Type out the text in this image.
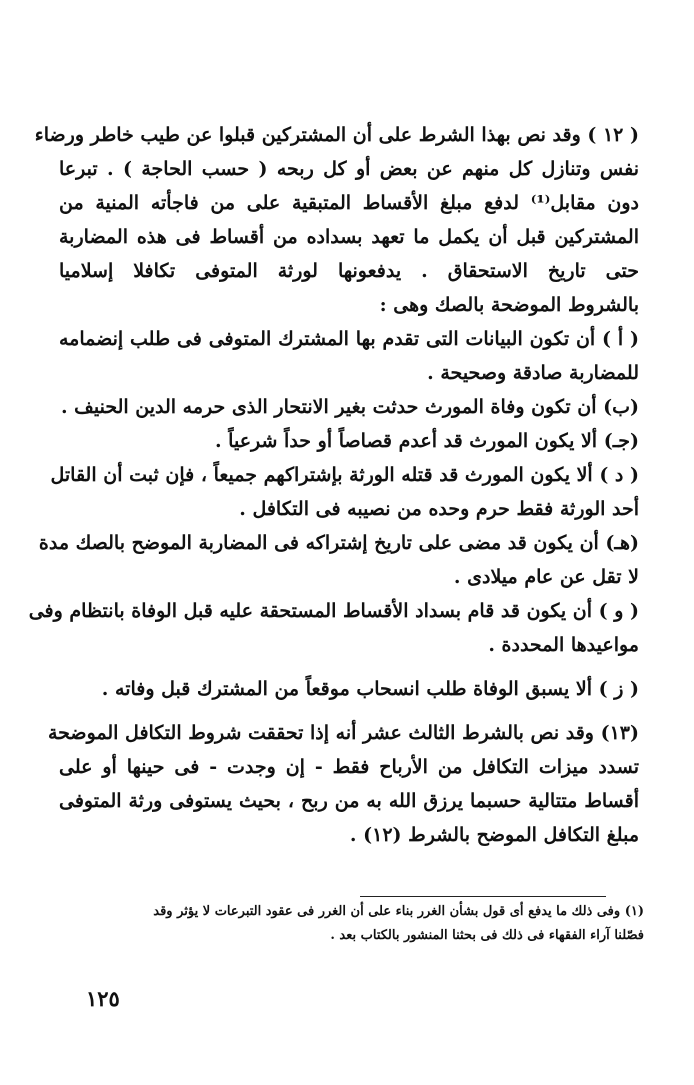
( ١٢ ) وقد نص بهذا الشرط على أن المشتركين قبلوا عن طيب خاطر ورضاء
نفس وتنازل كل منهم عن بعض أو كل ربحه ( حسب الحاجة ) . تبرعا
دون مقابل⁽¹⁾ لدفع مبلغ الأقساط المتبقية على من فاجأته المنية من
المشتركين قبل أن يكمل ما تعهد بسداده من أقساط فى هذه المضاربة
حتى تاريخ الاستحقاق . يدفعونها لورثة المتوفى تكافلا إسلاميا
بالشروط الموضحة بالصك وهى :
( أ ) أن تكون البيانات التى تقدم بها المشترك المتوفى فى طلب إنضمامه
للمضاربة صادقة وصحيحة .
(ب) أن تكون وفاة المورث حدثت بغير الانتحار الذى حرمه الدين الحنيف .
(جـ) ألا يكون المورث قد أعدم قصاصاً أو حداً شرعياً .
( د ) ألا يكون المورث قد قتله الورثة بإشتراكهم جميعاً ، فإن ثبت أن القاتل
أحد الورثة فقط حرم وحده من نصيبه فى التكافل .
(هـ) أن يكون قد مضى على تاريخ إشتراكه فى المضاربة الموضح بالصك مدة
لا تقل عن عام ميلادى .
( و ) أن يكون قد قام بسداد الأقساط المستحقة عليه قبل الوفاة بانتظام وفى
مواعيدها المحددة .
( ز ) ألا يسبق الوفاة طلب انسحاب موقعاً من المشترك قبل وفاته .
(١٣) وقد نص بالشرط الثالث عشر أنه إذا تحققت شروط التكافل الموضحة
تسدد ميزات التكافل من الأرباح فقط - إن وجدت - فى حينها أو على
أقساط متتالية حسبما يرزق الله به من ربح ، بحيث يستوفى ورثة المتوفى
مبلغ التكافل الموضح بالشرط (١٢) .
(١) وفى ذلك ما يدفع أى قول بشأن الغرر بناء على أن الغرر فى عقود التبرعات لا يؤثر وقد
فصّلنا آراء الفقهاء فى ذلك فى بحثنا المنشور بالكتاب بعد .
١٢٥
